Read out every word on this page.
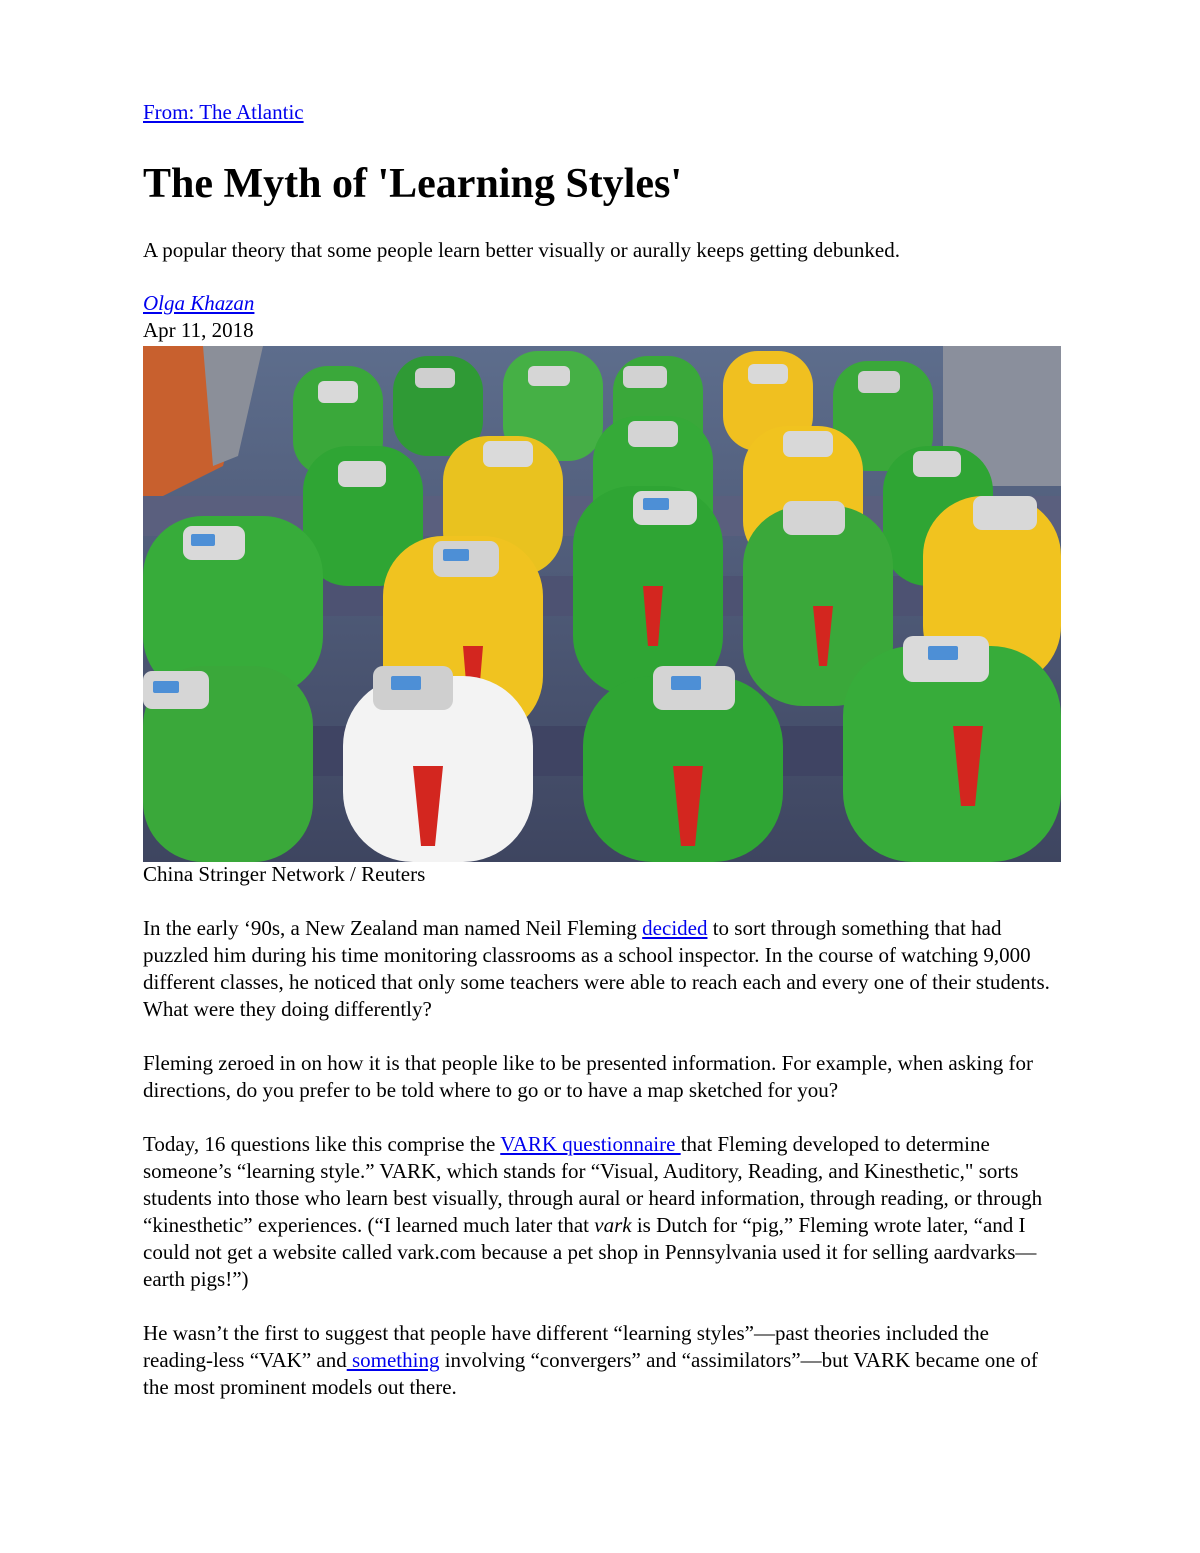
From: The Atlantic
The Myth of 'Learning Styles'

A popular theory that some people learn better visually or aurally keeps getting debunked.

Olga Khazan
Apr 11, 2018
China Stringer Network / Reuters

In the early ‘90s, a New Zealand man named Neil Fleming decided to sort through something that had puzzled him during his time monitoring classrooms as a school inspector. In the course of watching 9,000 different classes, he noticed that only some teachers were able to reach each and every one of their students. What were they doing differently?

Fleming zeroed in on how it is that people like to be presented information. For example, when asking for directions, do you prefer to be told where to go or to have a map sketched for you?

Today, 16 questions like this comprise the VARK questionnaire that Fleming developed to determine someone’s “learning style.” VARK, which stands for “Visual, Auditory, Reading, and Kinesthetic," sorts students into those who learn best visually, through aural or heard information, through reading, or through “kinesthetic” experiences. (“I learned much later that vark is Dutch for “pig,” Fleming wrote later, “and I could not get a website called vark.com because a pet shop in Pennsylvania used it for selling aardvarks—earth pigs!”)

He wasn’t the first to suggest that people have different “learning styles”—past theories included the reading-less “VAK” and something involving “convergers” and “assimilators”—but VARK became one of the most prominent models out there.
